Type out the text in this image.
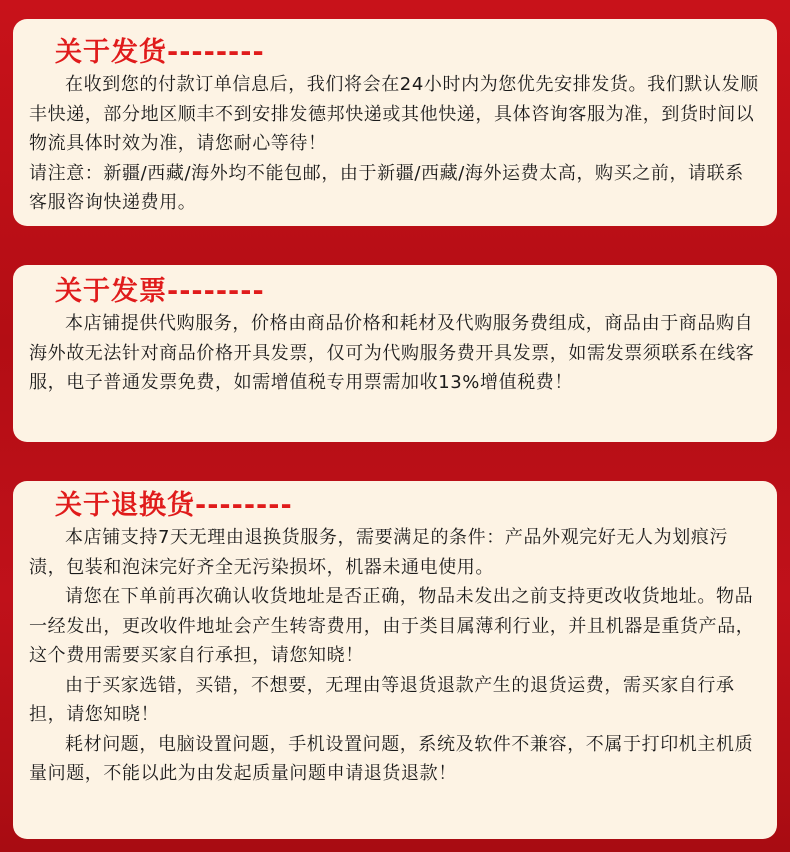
关于发货--------

在收到您的付款订单信息后，我们将会在24小时内为您优先安排发货。我们默认发顺丰快递，部分地区顺丰不到安排发德邦快递或其他快递，具体咨询客服为准，到货时间以物流具体时效为准，请您耐心等待！

请注意：新疆/西藏/海外均不能包邮，由于新疆/西藏/海外运费太高，购买之前，请联系客服咨询快递费用。

关于发票--------

本店铺提供代购服务，价格由商品价格和耗材及代购服务费组成，商品由于商品购自海外故无法针对商品价格开具发票，仅可为代购服务费开具发票，如需发票须联系在线客服，电子普通发票免费，如需增值税专用票需加收13%增值税费！

关于退换货--------

本店铺支持7天无理由退换货服务，需要满足的条件：产品外观完好无人为划痕污渍，包装和泡沫完好齐全无污染损坏，机器未通电使用。

请您在下单前再次确认收货地址是否正确，物品未发出之前支持更改收货地址。物品一经发出，更改收件地址会产生转寄费用，由于类目属薄利行业，并且机器是重货产品，这个费用需要买家自行承担，请您知晓！

由于买家选错，买错，不想要，无理由等退货退款产生的退货运费，需买家自行承担，请您知晓！

耗材问题，电脑设置问题，手机设置问题，系统及软件不兼容，不属于打印机主机质量问题，不能以此为由发起质量问题申请退货退款！
